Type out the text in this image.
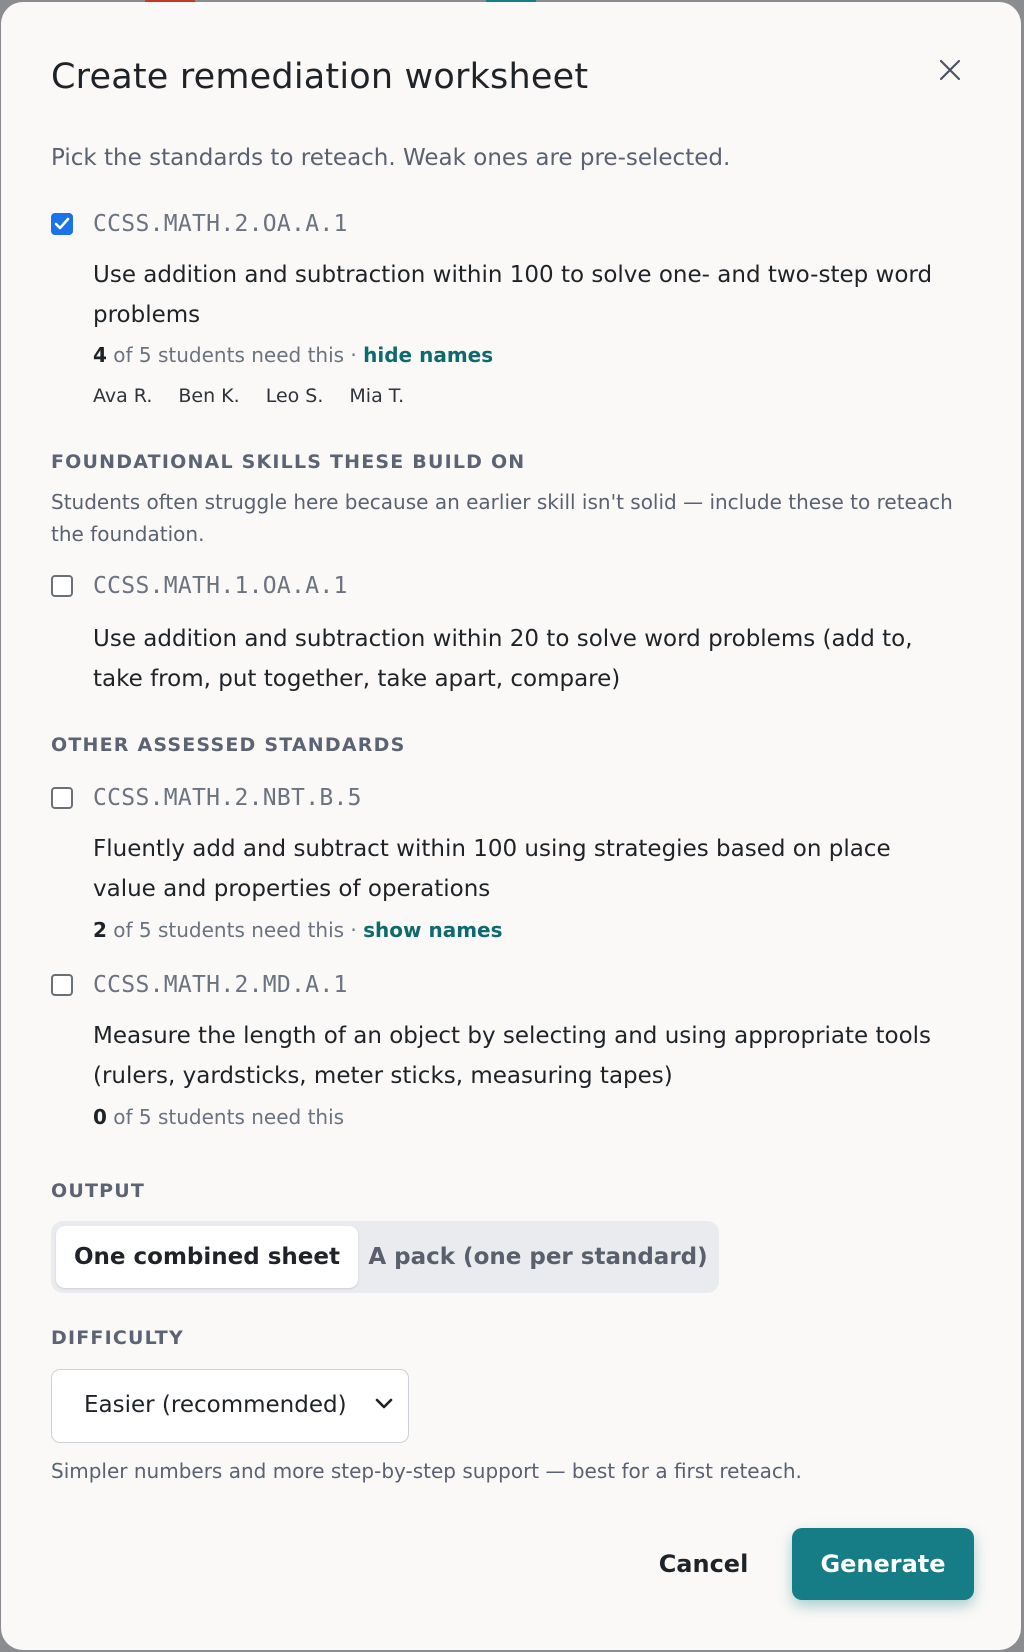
Create remediation worksheet
Pick the standards to reteach. Weak ones are pre-selected.
CCSS.MATH.2.OA.A.1
Use addition and subtraction within 100 to solve one- and two-step word problems
4 of 5 students need this · hide names
Ava R. Ben K. Leo S. Mia T.
FOUNDATIONAL SKILLS THESE BUILD ON
Students often struggle here because an earlier skill isn't solid — include these to reteach the foundation.
CCSS.MATH.1.OA.A.1
Use addition and subtraction within 20 to solve word problems (add to, take from, put together, take apart, compare)
OTHER ASSESSED STANDARDS
CCSS.MATH.2.NBT.B.5
Fluently add and subtract within 100 using strategies based on place value and properties of operations
2 of 5 students need this · show names
CCSS.MATH.2.MD.A.1
Measure the length of an object by selecting and using appropriate tools (rulers, yardsticks, meter sticks, measuring tapes)
0 of 5 students need this
OUTPUT
One combined sheet	A pack (one per standard)
DIFFICULTY
Easier (recommended)
Simpler numbers and more step-by-step support — best for a first reteach.
Cancel	Generate
